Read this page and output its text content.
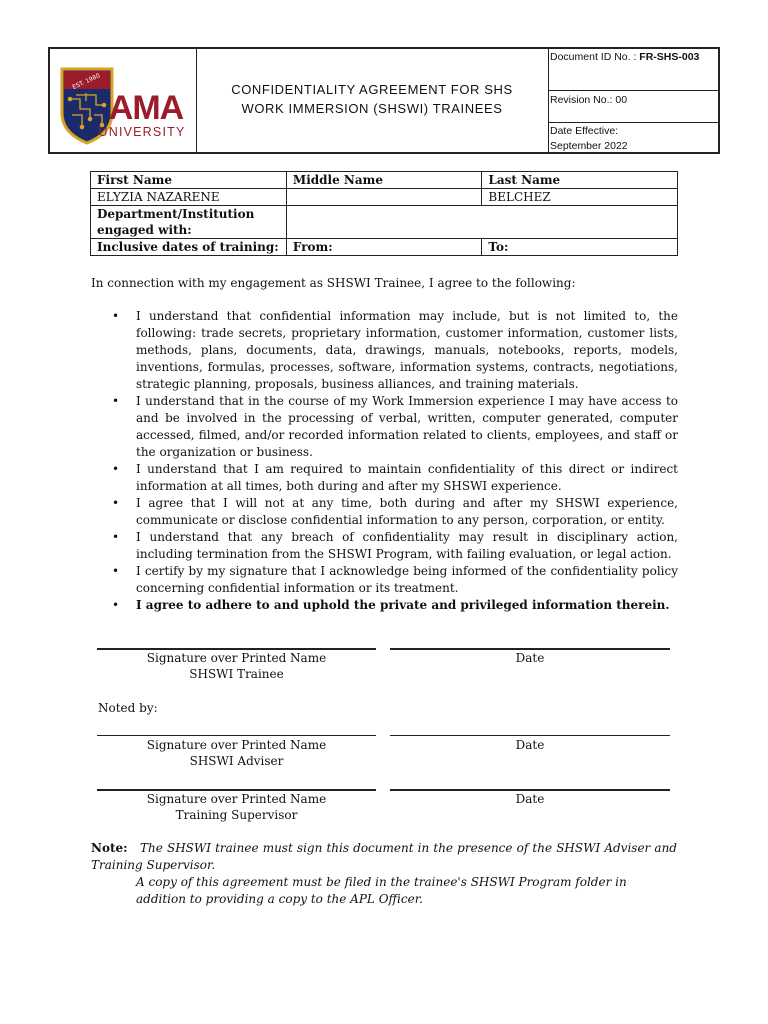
EST. 1980
AMA
UNIVERSITY
CONFIDENTIALITY AGREEMENT FOR SHS
WORK IMMERSION (SHSWI) TRAINEES
Document ID No. : FR-SHS-003
Revision No.: 00
Date Effective:
September 2022
First Name	Middle Name	Last Name
ELYZIA NAZARENE		BELCHEZ
Department/Institution engaged with:		
Inclusive dates of training:	From:	To:
In connection with my engagement as SHSWI Trainee, I agree to the following:
• I understand that confidential information may include, but is not limited to, the following: trade secrets, proprietary information, customer information, customer lists, methods, plans, documents, data, drawings, manuals, notebooks, reports, models, inventions, formulas, processes, software, information systems, contracts, negotiations, strategic planning, proposals, business alliances, and training materials.
• I understand that in the course of my Work Immersion experience I may have access to and be involved in the processing of verbal, written, computer generated, computer accessed, filmed, and/or recorded information related to clients, employees, and staff or the organization or business.
• I understand that I am required to maintain confidentiality of this direct or indirect information at all times, both during and after my SHSWI experience.
• I agree that I will not at any time, both during and after my SHSWI experience, communicate or disclose confidential information to any person, corporation, or entity.
• I understand that any breach of confidentiality may result in disciplinary action, including termination from the SHSWI Program, with failing evaluation, or legal action.
• I certify by my signature that I acknowledge being informed of the confidentiality policy concerning confidential information or its treatment.
• I agree to adhere to and uphold the private and privileged information therein.
Signature over Printed Name
SHSWI Trainee
Date
Noted by:
Signature over Printed Name
SHSWI Adviser
Date
Signature over Printed Name
Training Supervisor
Date
Note: The SHSWI trainee must sign this document in the presence of the SHSWI Adviser and Training Supervisor.
A copy of this agreement must be filed in the trainee's SHSWI Program folder in addition to providing a copy to the APL Officer.
